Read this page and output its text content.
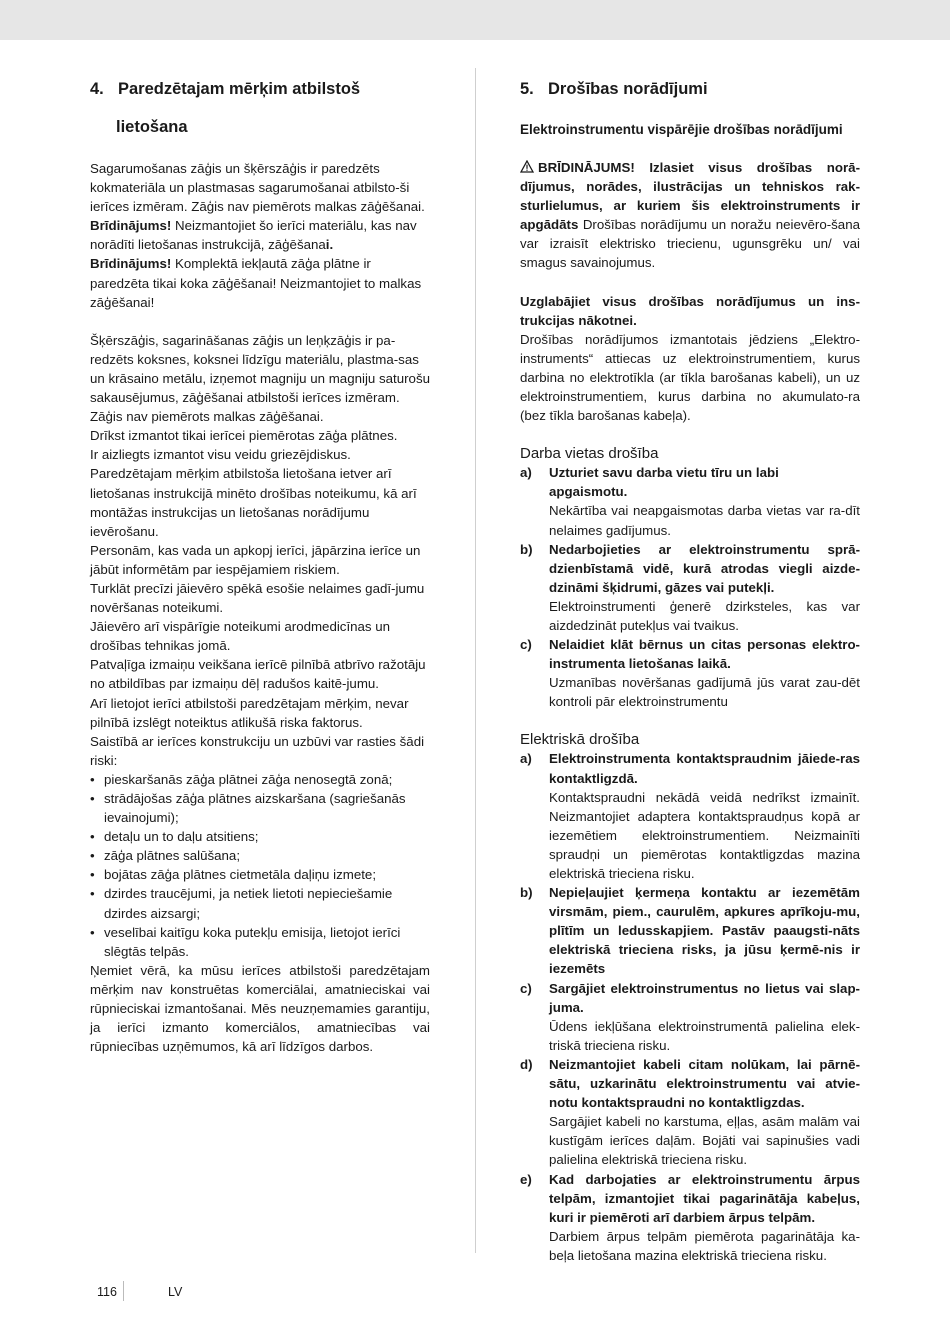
4. Paredzētajam mērķim atbilstoš
lietošana

Sagarumošanas zāģis un šķērszāģis ir paredzēts kokmateriāla un plastmasas sagarumošanai atbilsto-ši ierīces izmēram. Zāģis nav piemērots malkas zāģēšanai.

Brīdinājums! Neizmantojiet šo ierīci materiālu, kas nav norādīti lietošanas instrukcijā, zāģēšanai.

Brīdinājums! Komplektā iekļautā zāģa plātne ir paredzēta tikai koka zāģēšanai! Neizmantojiet to malkas zāģēšanai!

Šķērszāģis, sagarināšanas zāģis un leņķzāģis ir pa-redzēts koksnes, koksnei līdzīgu materiālu, plastma-sas un krāsaino metālu, izņemot magniju un magniju saturošu sakausējumus, zāģēšanai atbilstoši ierīces izmēram. Zāģis nav piemērots malkas zāģēšanai.

Drīkst izmantot tikai ierīcei piemērotas zāģa plātnes.

Ir aizliegts izmantot visu veidu griezējdiskus.

Paredzētajam mērķim atbilstoša lietošana ietver arī lietošanas instrukcijā minēto drošības noteikumu, kā arī montāžas instrukcijas un lietošanas norādījumu ievērošanu.

Personām, kas vada un apkopj ierīci, jāpārzina ierīce un jābūt informētām par iespējamiem riskiem.

Turklāt precīzi jāievēro spēkā esošie nelaimes gadī-jumu novēršanas noteikumi.

Jāievēro arī vispārīgie noteikumi arodmedicīnas un drošības tehnikas jomā.

Patvaļīga izmaiņu veikšana ierīcē pilnībā atbrīvo ražotāju no atbildības par izmaiņu dēļ radušos kaitē-jumu.

Arī lietojot ierīci atbilstoši paredzētajam mērķim, nevar pilnībā izslēgt noteiktus atlikušā riska faktorus.

Saistībā ar ierīces konstrukciju un uzbūvi var rasties šādi riski:

• pieskaršanās zāģa plātnei zāģa nenosegtā zonā;
• strādājošas zāģa plātnes aizskaršana (sagriešanās ievainojumi);
• detaļu un to daļu atsitiens;
• zāģa plātnes salūšana;
• bojātas zāģa plātnes cietmetāla daļiņu izmete;
• dzirdes traucējumi, ja netiek lietoti nepieciešamie dzirdes aizsargi;
• veselībai kaitīgu koka putekļu emisija, lietojot ierīci slēgtās telpās.

Ņemiet vērā, ka mūsu ierīces atbilstoši paredzētajam mērķim nav konstruētas komerciālai, amatnieciskai vai rūpnieciskai izmantošanai. Mēs neuzņemamies garantiju, ja ierīci izmanto komerciālos, amatniecības vai rūpniecības uzņēmumos, kā arī līdzīgos darbos.

5. Drošības norādījumi
Elektroinstrumentu vispārējie drošības norādījumi

BRĪDINĀJUMS! Izlasiet visus drošības norā-dījumus, norādes, ilustrācijas un tehniskos rak-sturlielumus, ar kuriem šis elektroinstruments ir apgādāts Drošības norādījumu un noražu neievēro-šana var izraisīt elektrisko triecienu, ugunsgrēku un/ vai smagus savainojumus.

Uzglabājiet visus drošības norādījumus un ins-trukcijas nākotnei.

Drošības norādījumos izmantotais jēdziens „Elektro-instruments“ attiecas uz elektroinstrumentiem, kurus darbina no elektrotīkla (ar tīkla barošanas kabeli), un uz elektroinstrumentiem, kurus darbina no akumulato-ra (bez tīkla barošanas kabeļa).

Darba vietas drošība
a) Uzturiet savu darba vietu tīru un labi apgaismotu.

Nekārtība vai neapgaismotas darba vietas var ra-dīt nelaimes gadījumus.

b) Nedarbojieties ar elektroinstrumentu sprā-dzienbīstamā vidē, kurā atrodas viegli aizde-dzināmi šķidrumi, gāzes vai putekļi.

Elektroinstrumenti ģenerē dzirksteles, kas var aizdedzināt putekļus vai tvaikus.

c) Nelaidiet klāt bērnus un citas personas elektro-instrumenta lietošanas laikā.

Uzmanības novēršanas gadījumā jūs varat zau-dēt kontroli pār elektroinstrumentu

Elektriskā drošība
a) Elektroinstrumenta kontaktspraudnim jāiede-ras kontaktligzdā.

Kontaktspraudni nekādā veidā nedrīkst izmainīt. Neizmantojiet adaptera kontaktspraudņus kopā ar iezemētiem elektroinstrumentiem. Neizmainīti spraudņi un piemērotas kontaktligzdas mazina elektriskā trieciena risku.

b) Nepieļaujiet ķermeņa kontaktu ar iezemētām virsmām, piem., caurulēm, apkures aprīkoju-mu, plītīm un ledusskapjiem. Pastāv paaugsti-nāts elektriskā trieciena risks, ja jūsu ķermē-nis ir iezemēts

c) Sargājiet elektroinstrumentus no lietus vai slap-juma.

Ūdens iekļūšana elektroinstrumentā palielina elek-triskā trieciena risku.

d) Neizmantojiet kabeli citam nolūkam, lai pārnē-sātu, uzkarinātu elektroinstrumentu vai atvie-notu kontaktspraudni no kontaktligzdas.

Sargājiet kabeli no karstuma, eļļas, asām malām vai kustīgām ierīces daļām. Bojāti vai sapinušies vadi palielina elektriskā trieciena risku.

e) Kad darbojaties ar elektroinstrumentu ārpus telpām, izmantojiet tikai pagarinātāja kabeļus, kuri ir piemēroti arī darbiem ārpus telpām.

Darbiem ārpus telpām piemērota pagarinātāja ka-beļa lietošana mazina elektriskā trieciena risku.

116	LV
